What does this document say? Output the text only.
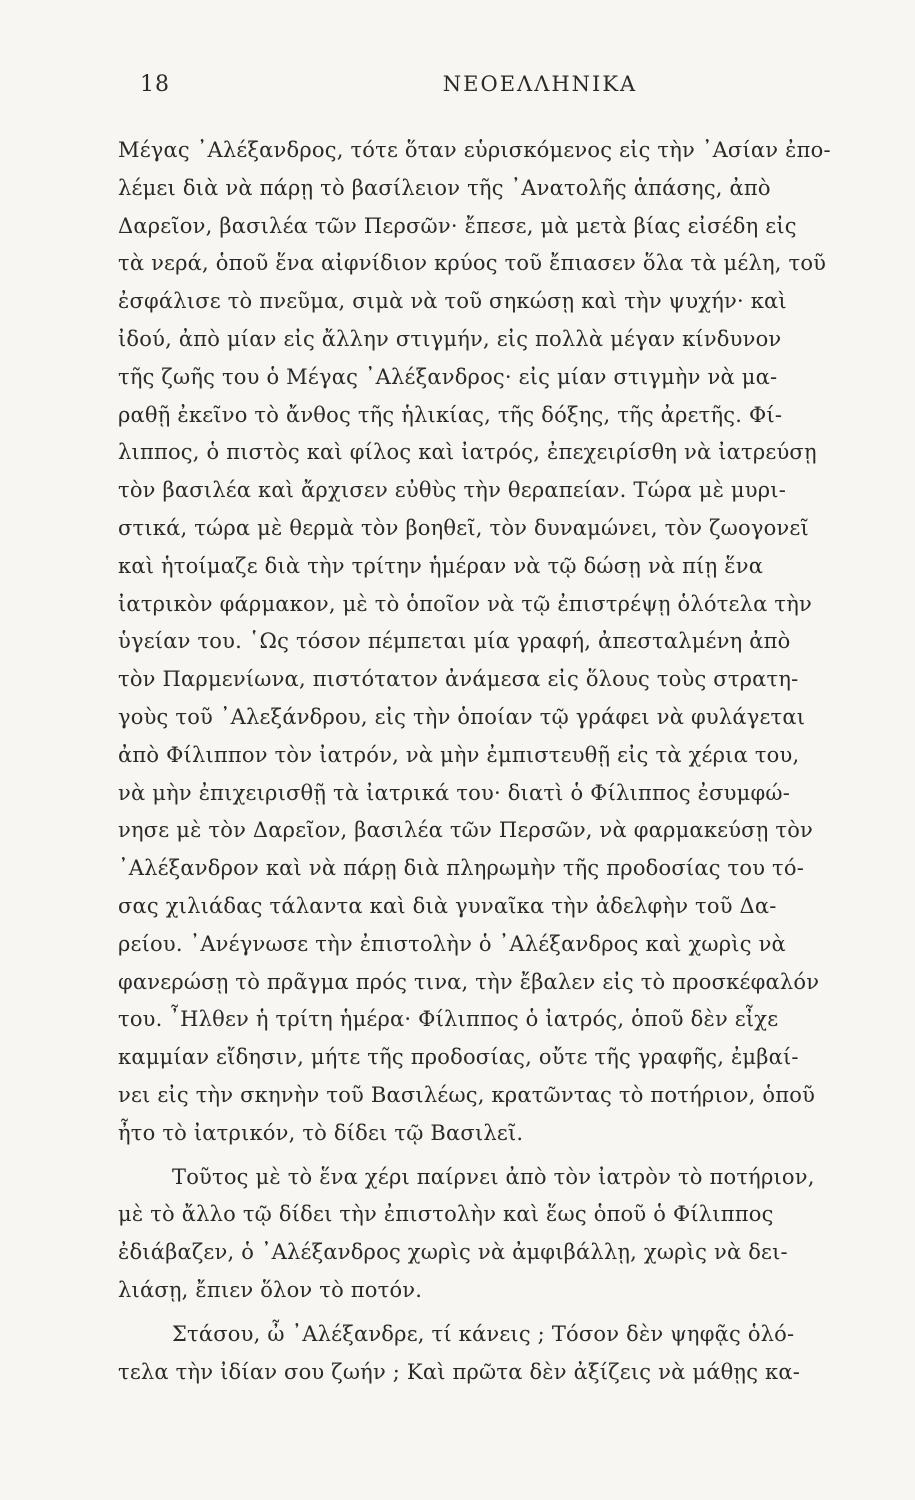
18	ΝΕΟΕΛΛΗΝΙΚΑ
Μέγας ᾿Αλέξανδρος, τότε ὅταν εὑρισκόμενος εἰς τὴν ᾿Ασίαν ἐπο-
λέμει διὰ νὰ πάρῃ τὸ βασίλειον τῆς ᾿Ανατολῆς ἁπάσης, ἀπὸ
Δαρεῖον, βασιλέα τῶν Περσῶν· ἔπεσε, μὰ μετὰ βίας εἰσέδη εἰς
τὰ νερά, ὁποῦ ἕνα αἰφνίδιον κρύος τοῦ ἔπιασεν ὅλα τὰ μέλη, τοῦ
ἐσφάλισε τὸ πνεῦμα, σιμὰ νὰ τοῦ σηκώσῃ καὶ τὴν ψυχήν· καὶ
ἰδού, ἀπὸ μίαν εἰς ἄλλην στιγμήν, εἰς πολλὰ μέγαν κίνδυνον
τῆς ζωῆς του ὁ Μέγας ᾿Αλέξανδρος· εἰς μίαν στιγμὴν νὰ μα-
ραθῇ ἐκεῖνο τὸ ἄνθος τῆς ἡλικίας, τῆς δόξης, τῆς ἀρετῆς. Φί-
λιππος, ὁ πιστὸς καὶ φίλος καὶ ἰατρός, ἐπεχειρίσθη νὰ ἰατρεύσῃ
τὸν βασιλέα καὶ ἄρχισεν εὐθὺς τὴν θεραπείαν. Τώρα μὲ μυρι-
στικά, τώρα μὲ θερμὰ τὸν βοηθεῖ, τὸν δυναμώνει, τὸν ζωογονεῖ
καὶ ἡτοίμαζε διὰ τὴν τρίτην ἡμέραν νὰ τῷ δώσῃ νὰ πίῃ ἕνα
ἰατρικὸν φάρμακον, μὲ τὸ ὁποῖον νὰ τῷ ἐπιστρέψῃ ὁλότελα τὴν
ὑγείαν του. ῾Ως τόσον πέμπεται μία γραφή, ἀπεσταλμένη ἀπὸ
τὸν Παρμενίωνα, πιστότατον ἀνάμεσα εἰς ὅλους τοὺς στρατη-
γοὺς τοῦ ᾿Αλεξάνδρου, εἰς τὴν ὁποίαν τῷ γράφει νὰ φυλάγεται
ἀπὸ Φίλιππον τὸν ἰατρόν, νὰ μὴν ἐμπιστευθῇ εἰς τὰ χέρια του,
νὰ μὴν ἐπιχειρισθῇ τὰ ἰατρικά του· διατὶ ὁ Φίλιππος ἐσυμφώ-
νησε μὲ τὸν Δαρεῖον, βασιλέα τῶν Περσῶν, νὰ φαρμακεύσῃ τὸν
᾿Αλέξανδρον καὶ νὰ πάρῃ διὰ πληρωμὴν τῆς προδοσίας του τό-
σας χιλιάδας τάλαντα καὶ διὰ γυναῖκα τὴν ἀδελφὴν τοῦ Δα-
ρείου. ᾿Ανέγνωσε τὴν ἐπιστολὴν ὁ ᾿Αλέξανδρος καὶ χωρὶς νὰ
φανερώσῃ τὸ πρᾶγμα πρός τινα, τὴν ἔβαλεν εἰς τὸ προσκέφαλόν
του. ῏Ηλθεν ἡ τρίτη ἡμέρα· Φίλιππος ὁ ἰατρός, ὁποῦ δὲν εἶχε
καμμίαν εἴδησιν, μήτε τῆς προδοσίας, οὔτε τῆς γραφῆς, ἐμβαί-
νει εἰς τὴν σκηνὴν τοῦ Βασιλέως, κρατῶντας τὸ ποτήριον, ὁποῦ
ἦτο τὸ ἰατρικόν, τὸ δίδει τῷ Βασιλεῖ.
Τοῦτος μὲ τὸ ἕνα χέρι παίρνει ἀπὸ τὸν ἰατρὸν τὸ ποτήριον,
μὲ τὸ ἄλλο τῷ δίδει τὴν ἐπιστολὴν καὶ ἕως ὁποῦ ὁ Φίλιππος
ἐδιάβαζεν, ὁ ᾿Αλέξανδρος χωρὶς νὰ ἀμφιβάλλῃ, χωρὶς νὰ δει-
λιάσῃ, ἔπιεν ὅλον τὸ ποτόν.
Στάσου, ὦ ᾿Αλέξανδρε, τί κάνεις ; Τόσον δὲν ψηφᾷς ὁλό-
τελα τὴν ἰδίαν σου ζωήν ; Καὶ πρῶτα δὲν ἀξίζεις νὰ μάθῃς κα-
